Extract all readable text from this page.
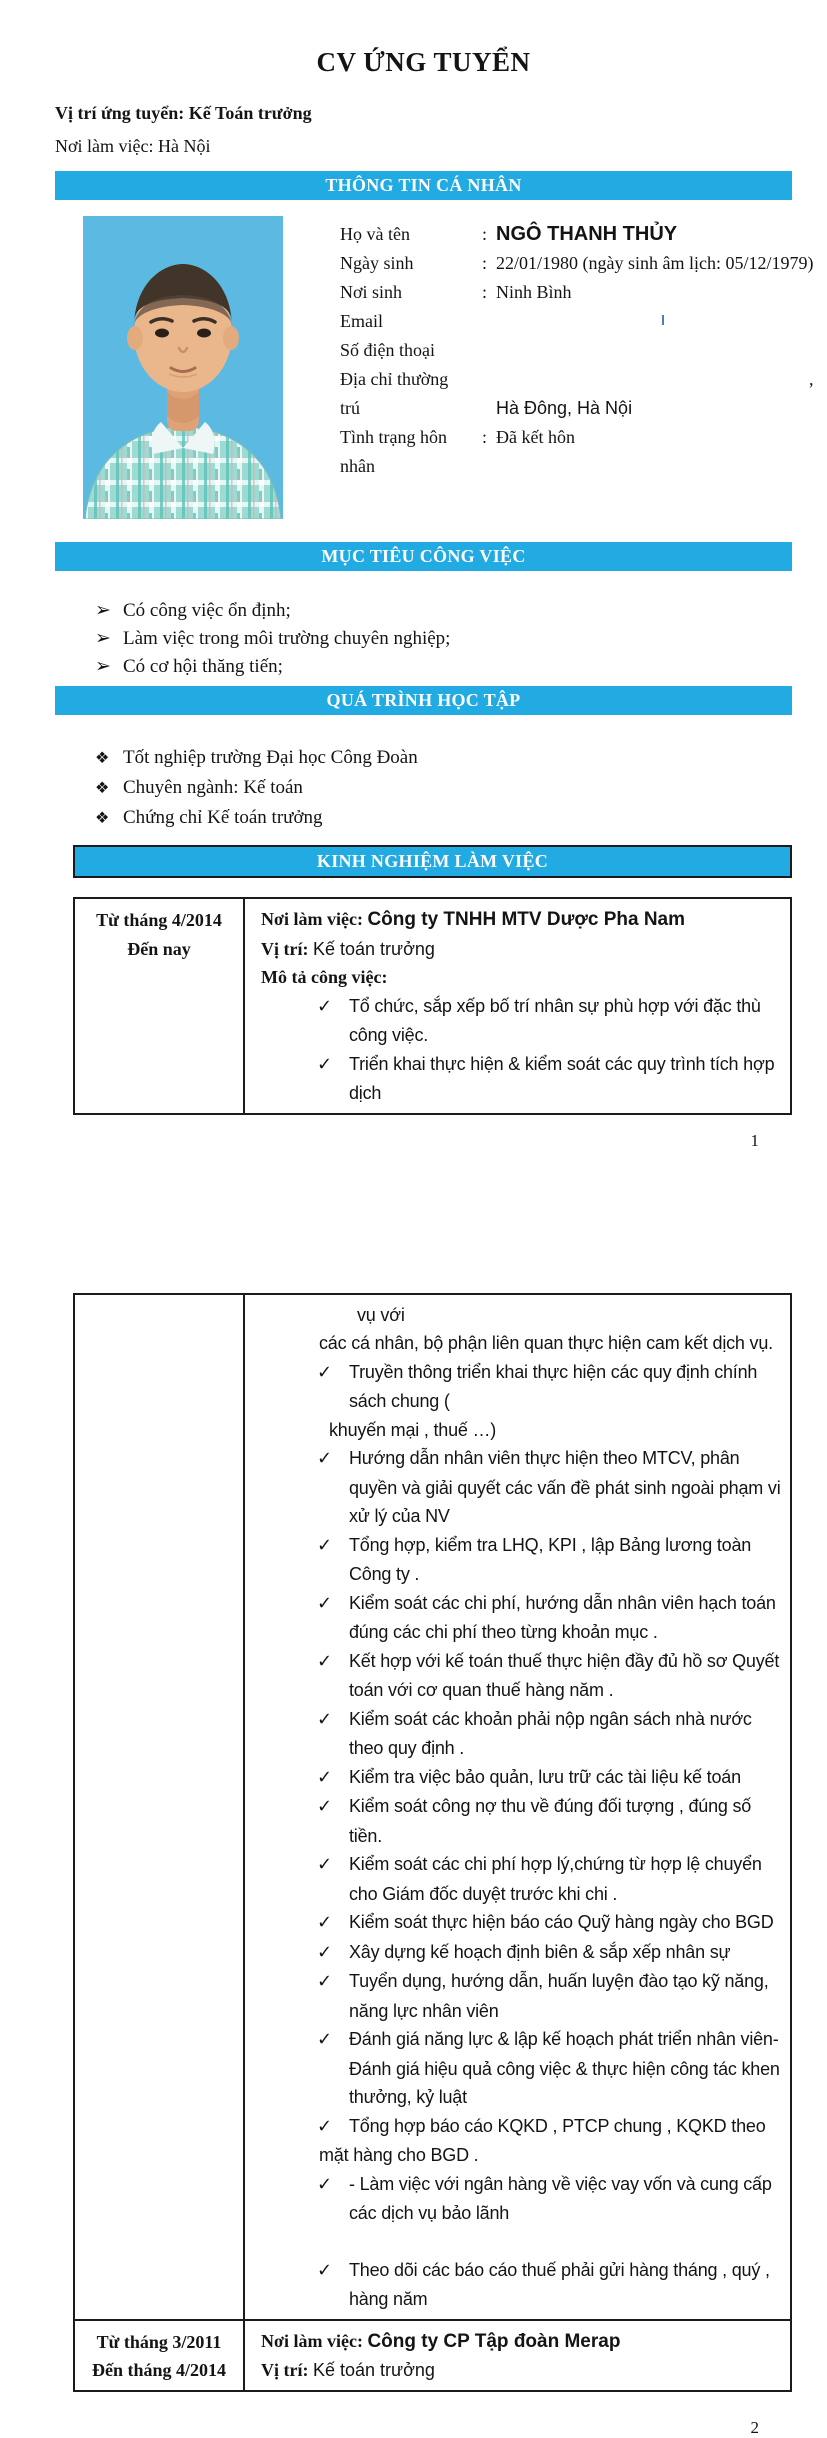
CV ỨNG TUYỂN
Vị trí ứng tuyển: Kế Toán trưởng
Nơi làm việc: Hà Nội
THÔNG TIN CÁ NHÂN
Họ và tên	: NGÔ THANH THỦY
Ngày sinh	: 22/01/1980 (ngày sinh âm lịch: 05/12/1979)
Nơi sinh	: Ninh Bình
Email
Số điện thoại
Địa chỉ thường	,
trú	Hà Đông, Hà Nội
Tình trạng hôn	: Đã kết hôn
nhân
MỤC TIÊU CÔNG VIỆC
➢ Có công việc ổn định;
➢ Làm việc trong môi trường chuyên nghiệp;
➢ Có cơ hội thăng tiến;
QUÁ TRÌNH HỌC TẬP
❖ Tốt nghiệp trường Đại học Công Đoàn
❖ Chuyên ngành: Kế toán
❖ Chứng chỉ Kế toán trưởng
KINH NGHIỆM LÀM VIỆC
Từ tháng 4/2014
Đến nay
Nơi làm việc: Công ty TNHH MTV Dược Pha Nam
Vị trí: Kế toán trưởng
Mô tả công việc:
✓ Tổ chức, sắp xếp bố trí nhân sự phù hợp với đặc thù công việc.
✓ Triển khai thực hiện & kiểm soát các quy trình tích hợp dịch
1
vụ với
các cá nhân, bộ phận liên quan thực hiện cam kết dịch vụ.
✓ Truyền thông triển khai thực hiện các quy định chính sách chung (
khuyến mại , thuế …)
✓ Hướng dẫn nhân viên thực hiện theo MTCV, phân quyền và giải quyết các vấn đề phát sinh ngoài phạm vi xử lý của NV
✓ Tổng hợp, kiểm tra LHQ, KPI , lập Bảng lương toàn Công ty .
✓ Kiểm soát các chi phí, hướng dẫn nhân viên hạch toán đúng các chi phí theo từng khoản mục .
✓ Kết hợp với kế toán thuế thực hiện đầy đủ hồ sơ Quyết toán với cơ quan thuế hàng năm .
✓ Kiểm soát các khoản phải nộp ngân sách nhà nước theo quy định .
✓ Kiểm tra việc bảo quản, lưu trữ các tài liệu kế toán
✓ Kiểm soát công nợ thu về đúng đối tượng , đúng số tiền.
✓ Kiểm soát các chi phí hợp lý,chứng từ hợp lệ chuyển cho Giám đốc duyệt trước khi chi .
✓ Kiểm soát thực hiện báo cáo Quỹ hàng ngày cho BGD
✓ Xây dựng kế hoạch định biên & sắp xếp nhân sự
✓ Tuyển dụng, hướng dẫn, huấn luyện đào tạo kỹ năng, năng lực nhân viên
✓ Đánh giá năng lực & lập kế hoạch phát triển nhân viên- Đánh giá hiệu quả công việc & thực hiện công tác khen thưởng, kỷ luật
✓ Tổng hợp báo cáo KQKD , PTCP chung , KQKD theo
mặt hàng cho BGD .
✓ - Làm việc với ngân hàng về việc vay vốn và cung cấp các dịch vụ bảo lãnh
✓ Theo dõi các báo cáo thuế phải gửi hàng tháng , quý , hàng năm
Từ tháng 3/2011
Đến tháng 4/2014
Nơi làm việc: Công ty CP Tập đoàn Merap
Vị trí: Kế toán trưởng
2
